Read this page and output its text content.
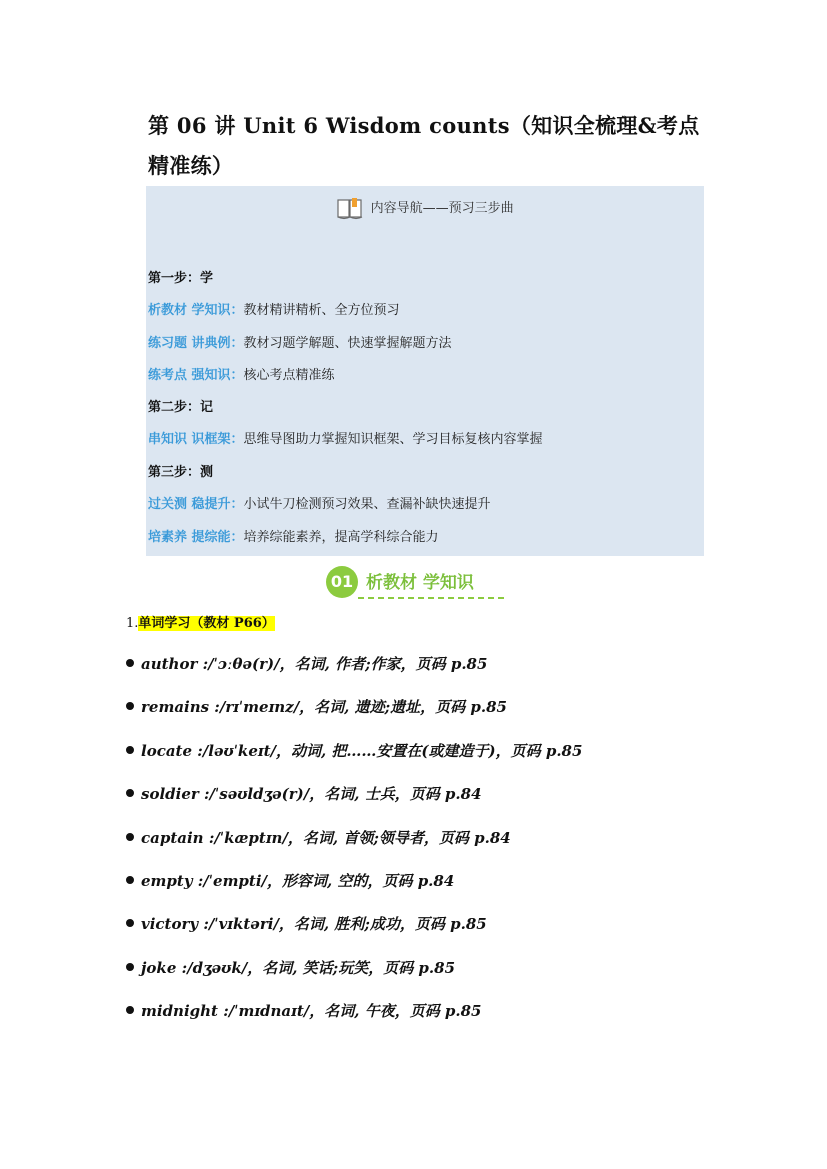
第 06 讲 Unit 6 Wisdom counts（知识全梳理&考点精准练）
内容导航——预习三步曲
第一步：学
析教材 学知识：教材精讲精析、全方位预习
练习题 讲典例：教材习题学解题、快速掌握解题方法
练考点 强知识：核心考点精准练
第二步：记
串知识 识框架：思维导图助力掌握知识框架、学习目标复核内容掌握
第三步：测
过关测 稳提升：小试牛刀检测预习效果、查漏补缺快速提升
培素养 提综能：培养综能素养，提高学科综合能力
01 析教材 学知识
1.单词学习（教材 P66）
author :/ˈɔːθə(r)/，名词, 作者;作家，页码 p.85
remains :/rɪˈmeɪnz/，名词, 遗迹;遗址，页码 p.85
locate :/ləʊˈkeɪt/，动词, 把……安置在(或建造于)，页码 p.85
soldier :/ˈsəʊldʒə(r)/，名词, 士兵，页码 p.84
captain :/ˈkæptɪn/，名词, 首领;领导者，页码 p.84
empty :/ˈempti/，形容词, 空的，页码 p.84
victory :/ˈvɪktəri/，名词, 胜利;成功，页码 p.85
joke :/dʒəʊk/，名词, 笑话;玩笑，页码 p.85
midnight :/ˈmɪdnaɪt/，名词, 午夜，页码 p.85
